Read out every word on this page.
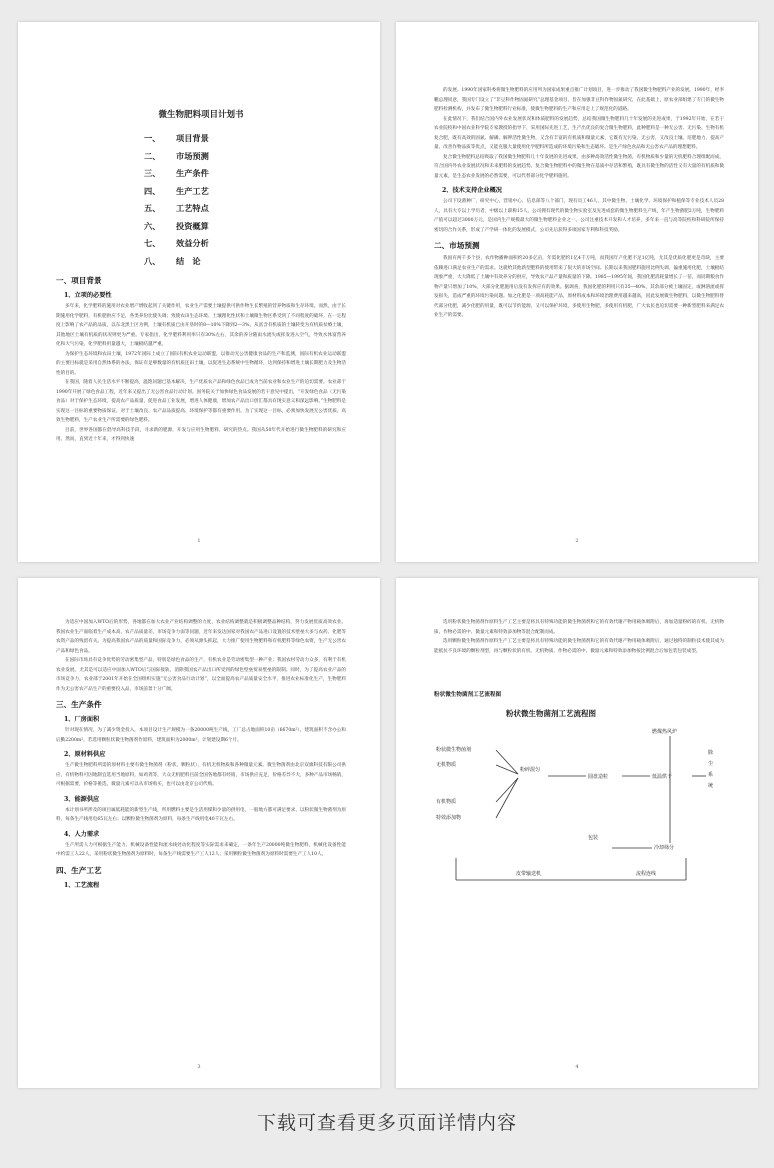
微生物肥料项目计划书
一、	项目背景
二、	市场预测
三、	生产条件
四、	生产工艺
五、	工艺特点
六、	投资概算
七、	效益分析
八、	结　论
一、项目背景
1、立项的必要性

多年来，化学肥料的施用对农业增产增收起到了关键作用，农业生产需要土壤提供可供作物生长繁殖的营养物质和生存环境。而然，由于长期施用化学肥料，有机肥供应不足，各类养份比使失调；致使农田生态环境、土壤理化性状和土壤微生物区系受到了不同程度的破坏。在一定程度上影响了农产品的品质，以东北黑土区为例，土壤有机质已由开垦时的8—10%下降到2—3%，从富含有机质的土壤转变为有机质贫瘠土壤，其他地区土壤有机质的状况则更为严重。专家指出，化学肥料利用率只有30%左右，其余的养分随雨水流失或挥发进入空气，导致水体富营养化和大气污染，化学肥料用量越大，土壤板结越严重。

为保护生态环境和农田土壤，1972年国际上成立了国际有机农业运动联盟，以推动无公害健康食品的生产和监测，国际有机农业运动联盟的主要目标就是采用自然体系的办法，保证有足够数量的有机质还田土壤，以促进生态系统中生物循环，达到保持和增进土壤长期肥力及生物活性的目的。

在我国，随着人民生活水平不断提高，温饱问题已基本解决，生产优质农产品和绿色食品已成为当前农业和农业生产的迫切需要。农业部于1990年开展了绿色食品工程，近年来又提出了无公害食品行动计划。国务院关于加快绿色食品发展的若干意见中提出，“开发绿色食品（无污染食品）对于保护生态环境，提高农产品质量，促进食品工业发展，增进人体健康，增加农产品出口创汇都具有现实意义和深远影响。”生物肥料是实现这一目标的重要物质保证，对于土壤改良、农产品品质提高、环境保护等都有重要作用。为了实现这一目标，必须加快发展无公害优质、高效生物肥料，生产农业生产所需要的绿色肥料。

目前，世界各国都在倡导高科技手段，寻求新的肥源，开发与应用生物肥料，研究的热点。我国从50年代开始进行微生物肥料的研究和应用。然而，直到近十年来，才得到快速

1

的发展。1990年国家科委将微生物肥料的应用列为国家成果重点推广计划项目，进一步推动了我国微生物肥料产业的发展。1990年，经李鹏总理同意，我国专门设立了“非豆科作物固氮研究”总理基金项目，旨在加强非豆科作物固氮研究，在此基础上，原农业部组建了专门的微生物肥料检测机构，并发布了微生物肥料行业标准，使微生物肥料的生产和应用走上了规范化的道路。

在此情况下，我们结合国内外农业发展状况和体质肥料的发展趋势，总结我国微生物肥料几十年发展的先进成果，于1992年开始，在若干农业院校和中国农业科学院专家教授的指导下，采用国际先进工艺，生产出优良的复合微生物肥料，此种肥料是一种无公害、无污染、生物有机复合肥，既有高效的固氮、解磷、解钾活性微生物，又含有丰富的有机质和微量元素，它既有无污染、无公害，又改良土壤、培肥地力、提高产量、改善作物品质等优点，又能克服大量使用化学肥料所造成的环境污染和生态破坏。是生产绿色食品和无公害农产品的理想肥料。

复合微生物肥料总结吸取了我国微生物肥料几十年发展的先进成果，由多种高效活性微生物菌，有机物质和少量的无机肥料合理组配而成，符合国内外农业发展状况和未来肥料的发展趋势。复合微生物肥料中的微生物在基质中存活和繁殖，既具有微生物的活性又有大量的有机质和微量元素，是生态农业发展的必然需要，可以代替部分化学肥料施用。

2、技术支持企业概况

公司下设菌种厂、研究中心、营销中心、信息部等八个部门，现有员工46人，其中微生物、土壤化学、环境保护和植保等专业技术人员28人，具有大专以上学历者，中级以上职称15人。公司拥有现代的微生物实验室及先进成套的微生物肥料生产线，年产生物菌肥2万吨，生物肥料产值可以超过3000万元，是国内生产规模最大的微生物肥料企业之一。公司注重技术开发和人才培养，多年来一直与高等院校和科研院所保持密切的合作关系，形成了产学研一体化的发展模式，公司先后获得多项国家专利和科技奖励。

二、市场预测

我国有两千多个县，农作物播种面积约20多亿亩，年需化肥约1亿4千万吨，而我国年产化肥不足1亿吨，尤其是优质化肥更是奇缺，主要依赖进口满足农业生产的需求。这就给其他新型肥料的使用带来了很大的市场空间。长期以来我国肥料施用比例失调，偏重施用化肥，土壤板结现象严重，大大降低了土壤中有效养分的供应，导致农产品产量和质量的下降。1985—1995年间，我国化肥消耗量增长了一倍，而同期粮食作物产量只增加了10%，大部分化肥施用后没有发挥应有的效果。据调查，我国化肥的利用只有35—40%，其余部分被土壤固定，或淋溶流或挥发损失，造成严重的环境污染问题。加之化肥是一项高耗能产品，原材料成本和环境治理费用越来越高，因此发展微生物肥料，以微生物肥料替代部分化肥，减少化肥的用量，既可以节约能源，又可以保护环境，多使用生物肥，多使用有机肥，广大农民也迫切需要一种新型肥料来满足农业生产的需要。

2

为适应中国加入WTO后的形势，各地都在加大农业产业结构调整的力度，农业结构调整就是积极调整品种结构，努力发展优质高效农业。我国农业生产面临着生产成本高、农产品质量差、市场竞争力弱等问题，近年来发达国家对我国农产品进口设置的技术壁垒大多与农药、化肥等农资产品的残留有关。为提高我国农产品的质量和国际竞争力，必须从源头抓起，大力推广使用生物肥料和有机肥料等绿色农资，生产无公害农产品和绿色食品。

在国际市场具有竞争优势的劳动密集型产品，特别是绿色食品的生产，有机农业是劳动密集型一种产业；我国农村劳动力众多，有利于有机农业发展。尤其是可以适应中国加入WTO后与国际接轨，消除我国农产品出口所受到的绿色壁垒贸易壁垒的限制。同时，为了提高农业产品的市场竞争力，农业部于2001年开始在全国组织实施“无公害食品行动计划”，以全面提高农产品质量安全水平，推进农业标准化生产，生物肥料作为无公害农产品生产的重要投入品，市场前景十分广阔。

三、生产条件
1、厂房面积

针对现在情况，为了减少资金投入，本项目设计生产规模为一条20000吨生产线，工厂总占地面积10亩（6670m²），建筑面积不含办公和后勤2200m²，若选用颗粒状微生物菌剂作原料，建筑面积为2000m²，计划建设期6个月。

2、原材料供应

生产微生物肥料所需的原材料主要有微生物菌剂（粉状、颗粒状），有机无机物质和各种微量元素。微生物菌剂由北京双旗科技有限公司供应，有机物料可因地制宜选用当地原料，如鸡粪等，大众无机肥料目前全国各地都有经销，市场供应充足，价格差异不大，多种产品市场畅销，可根据需要，价格等挑选，微量元素可以从市场购买，也可以由北京公司代购。

3、能源供应

本计划书所涉及的项目属低耗能的新型生产线，所用燃料主要是生活用煤和少量的供用电，一般地方都可满足要求，以粉状微生物菌剂为原料，每条生产线用电65瓦左右；以颗粒微生物菌剂为原料，每条生产线用电40千瓦左右。

4、人力需求

生产所需人力可根据生产能力、机械设备性能和流水线处动化程度等实际需求来确定，一条年生产20000吨微生物肥料，机械化设备性能中约需工人22人，采用粉状微生物菌剂为原料时，每条生产线需要生产工人12人；采用颗粒微生物菌剂为原料时需要生产工人10人。

四、生产工艺
1、工艺流程
3

选用粉状微生物菌剂作原料生产工艺主要是将具有特殊功能的微生物菌剂和它的有效代谢产物用载体吸附后，再加适量粉碎的有机、无机物质、作物必需的中、微量元素和特效添加物等混合配制而成。

选用颗粒微生物菌剂作原料生产工艺主要是将具有特殊功能的微生物菌剂和它的有效代谢产物用载体吸附后，通过独特的制粒技术使其成为能抵抗不良环境的颗粒剂型，再与颗粒状的有机、无机物质、作物必需的中、微量元素和特效添加物按比例混合后加包装包装成型。

粉状微生物菌剂工艺流程图
粉状微生物菌剂工艺流程图
燃煤热风炉
粉状微生物菌剂
无机物质
有机物质
特效添加物
粉碎混匀
圆盘造粒	低温烘干
除尘系统
冷却筛分
包装
皮带输送机	流程连线
4
下载可查看更多页面详情内容
